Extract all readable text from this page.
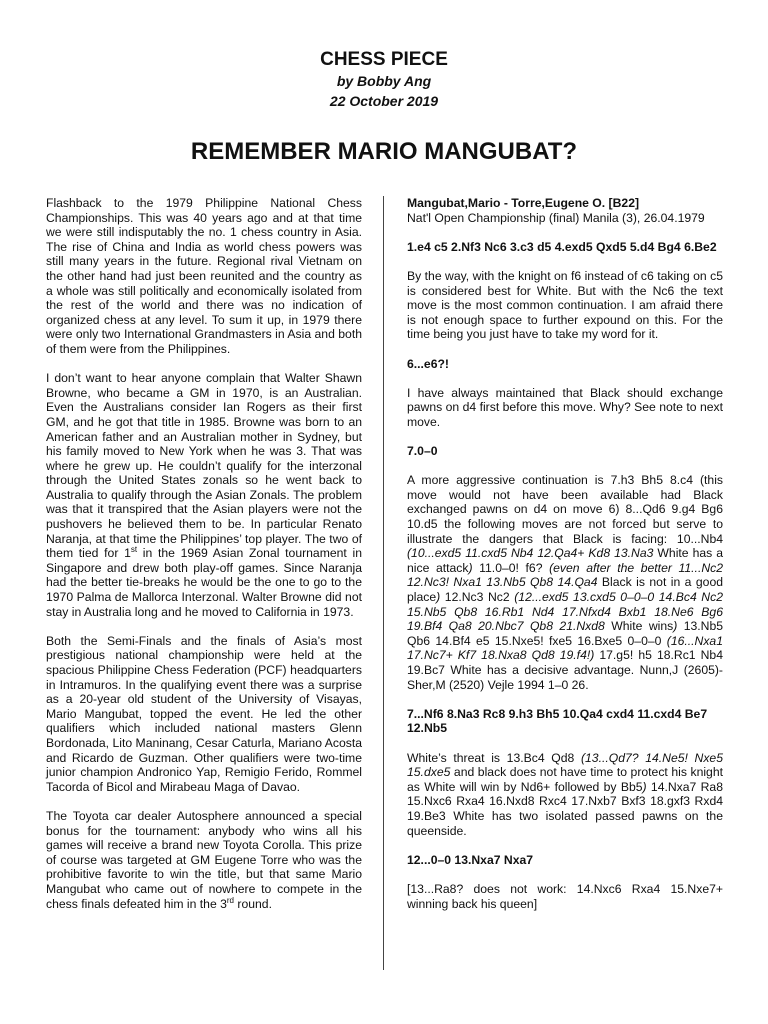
CHESS PIECE
by Bobby Ang
22 October 2019
REMEMBER MARIO MANGUBAT?

Flashback to the 1979 Philippine National Chess Championships. This was 40 years ago and at that time we were still indisputably the no. 1 chess country in Asia. The rise of China and India as world chess powers was still many years in the future. Regional rival Vietnam on the other hand had just been reunited and the country as a whole was still politically and economically isolated from the rest of the world and there was no indication of organized chess at any level. To sum it up, in 1979 there were only two International Grandmasters in Asia and both of them were from the Philippines.

I don’t want to hear anyone complain that Walter Shawn Browne, who became a GM in 1970, is an Australian. Even the Australians consider Ian Rogers as their first GM, and he got that title in 1985. Browne was born to an American father and an Australian mother in Sydney, but his family moved to New York when he was 3. That was where he grew up. He couldn’t qualify for the interzonal through the United States zonals so he went back to Australia to qualify through the Asian Zonals. The problem was that it transpired that the Asian players were not the pushovers he believed them to be. In particular Renato Naranja, at that time the Philippines’ top player. The two of them tied for 1st in the 1969 Asian Zonal tournament in Singapore and drew both play-off games. Since Naranja had the better tie-breaks he would be the one to go to the 1970 Palma de Mallorca Interzonal. Walter Browne did not stay in Australia long and he moved to California in 1973.

Both the Semi-Finals and the finals of Asia’s most prestigious national championship were held at the spacious Philippine Chess Federation (PCF) headquarters in Intramuros. In the qualifying event there was a surprise as a 20-year old student of the University of Visayas, Mario Mangubat, topped the event. He led the other qualifiers which included national masters Glenn Bordonada, Lito Maninang, Cesar Caturla, Mariano Acosta and Ricardo de Guzman. Other qualifiers were two-time junior champion Andronico Yap, Remigio Ferido, Rommel Tacorda of Bicol and Mirabeau Maga of Davao.

The Toyota car dealer Autosphere announced a special bonus for the tournament: anybody who wins all his games will receive a brand new Toyota Corolla. This prize of course was targeted at GM Eugene Torre who was the prohibitive favorite to win the title, but that same Mario Mangubat who came out of nowhere to compete in the chess finals defeated him in the 3rd round.

Mangubat,Mario - Torre,Eugene O. [B22]

Nat'l Open Championship (final) Manila (3), 26.04.1979

1.e4 c5 2.Nf3 Nc6 3.c3 d5 4.exd5 Qxd5 5.d4 Bg4 6.Be2

By the way, with the knight on f6 instead of c6 taking on c5 is considered best for White. But with the Nc6 the text move is the most common continuation. I am afraid there is not enough space to further expound on this. For the time being you just have to take my word for it.

6...e6?!

I have always maintained that Black should exchange pawns on d4 first before this move. Why? See note to next move.

7.0–0

A more aggressive continuation is 7.h3 Bh5 8.c4 (this move would not have been available had Black exchanged pawns on d4 on move 6) 8...Qd6 9.g4 Bg6 10.d5 the following moves are not forced but serve to illustrate the dangers that Black is facing: 10...Nb4 (10...exd5 11.cxd5 Nb4 12.Qa4+ Kd8 13.Na3 White has a nice attack) 11.0–0! f6? (even after the better 11...Nc2 12.Nc3! Nxa1 13.Nb5 Qb8 14.Qa4 Black is not in a good place) 12.Nc3 Nc2 (12...exd5 13.cxd5 0–0–0 14.Bc4 Nc2 15.Nb5 Qb8 16.Rb1 Nd4 17.Nfxd4 Bxb1 18.Ne6 Bg6 19.Bf4 Qa8 20.Nbc7 Qb8 21.Nxd8 White wins) 13.Nb5 Qb6 14.Bf4 e5 15.Nxe5! fxe5 16.Bxe5 0–0–0 (16...Nxa1 17.Nc7+ Kf7 18.Nxa8 Qd8 19.f4!) 17.g5! h5 18.Rc1 Nb4 19.Bc7 White has a decisive advantage. Nunn,J (2605)-Sher,M (2520) Vejle 1994 1–0 26.

7...Nf6 8.Na3 Rc8 9.h3 Bh5 10.Qa4 cxd4 11.cxd4 Be7 12.Nb5

White’s threat is 13.Bc4 Qd8 (13...Qd7? 14.Ne5! Nxe5 15.dxe5 and black does not have time to protect his knight as White will win by Nd6+ followed by Bb5) 14.Nxa7 Ra8 15.Nxc6 Rxa4 16.Nxd8 Rxc4 17.Nxb7 Bxf3 18.gxf3 Rxd4 19.Be3 White has two isolated passed pawns on the queenside.

12...0–0 13.Nxa7 Nxa7

[13...Ra8? does not work: 14.Nxc6 Rxa4 15.Nxe7+ winning back his queen]
